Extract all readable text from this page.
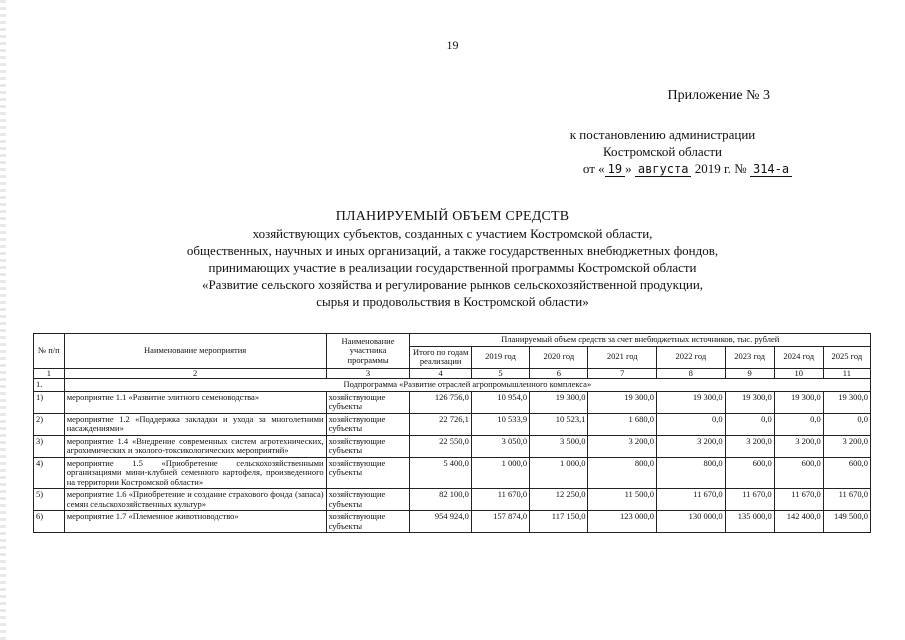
19
Приложение № 3
к постановлению администрации
Костромской области
от « 19 » августа 2019 г. № 314-а
ПЛАНИРУЕМЫЙ ОБЪЕМ СРЕДСТВ
хозяйствующих субъектов, созданных с участием Костромской области,
общественных, научных и иных организаций, а также государственных внебюджетных фондов,
принимающих участие в реализации государственной программы Костромской области
«Развитие сельского хозяйства и регулирование рынков сельскохозяйственной продукции,
сырья и продовольствия в Костромской области»
№ п/п	Наименование мероприятия	Наименование участника программы	Планируемый объем средств за счет внебюджетных источников, тыс. рублей							
			Итого по годам реализации	2019 год	2020 год	2021 год	2022 год	2023 год	2024 год	2025 год
1	2	3	4	5	6	7	8	9	10	11
1.	Подпрограмма «Развитие отраслей агропромышленного комплекса»									
1)	мероприятие 1.1 «Развитие элитного семеноводства»	хозяйствующие субъекты	126 756,0	10 954,0	19 300,0	19 300,0	19 300,0	19 300,0	19 300,0	19 300,0
2)	мероприятие 1.2 «Поддержка закладки и ухода за многолетними насаждениями»	хозяйствующие субъекты	22 726,1	10 533,9	10 523,1	1 680,0	0,0	0,0	0,0	0,0
3)	мероприятие 1.4 «Внедрение современных систем агротехнических, агрохимических и эколого-токсикологических мероприятий»	хозяйствующие субъекты	22 550,0	3 050,0	3 500,0	3 200,0	3 200,0	3 200,0	3 200,0	3 200,0
4)	мероприятие 1.5 «Приобретение сельскохозяйственными организациями мини-клубней семенного картофеля, произведенного на территории Костромской области»	хозяйствующие субъекты	5 400,0	1 000,0	1 000,0	800,0	800,0	600,0	600,0	600,0
5)	мероприятие 1.6 «Приобретение и создание страхового фонда (запаса) семян сельскохозяйственных культур»	хозяйствующие субъекты	82 100,0	11 670,0	12 250,0	11 500,0	11 670,0	11 670,0	11 670,0	11 670,0
6)	мероприятие 1.7 «Племенное животноводство»	хозяйствующие субъекты	954 924,0	157 874,0	117 150,0	123 000,0	130 000,0	135 000,0	142 400,0	149 500,0
